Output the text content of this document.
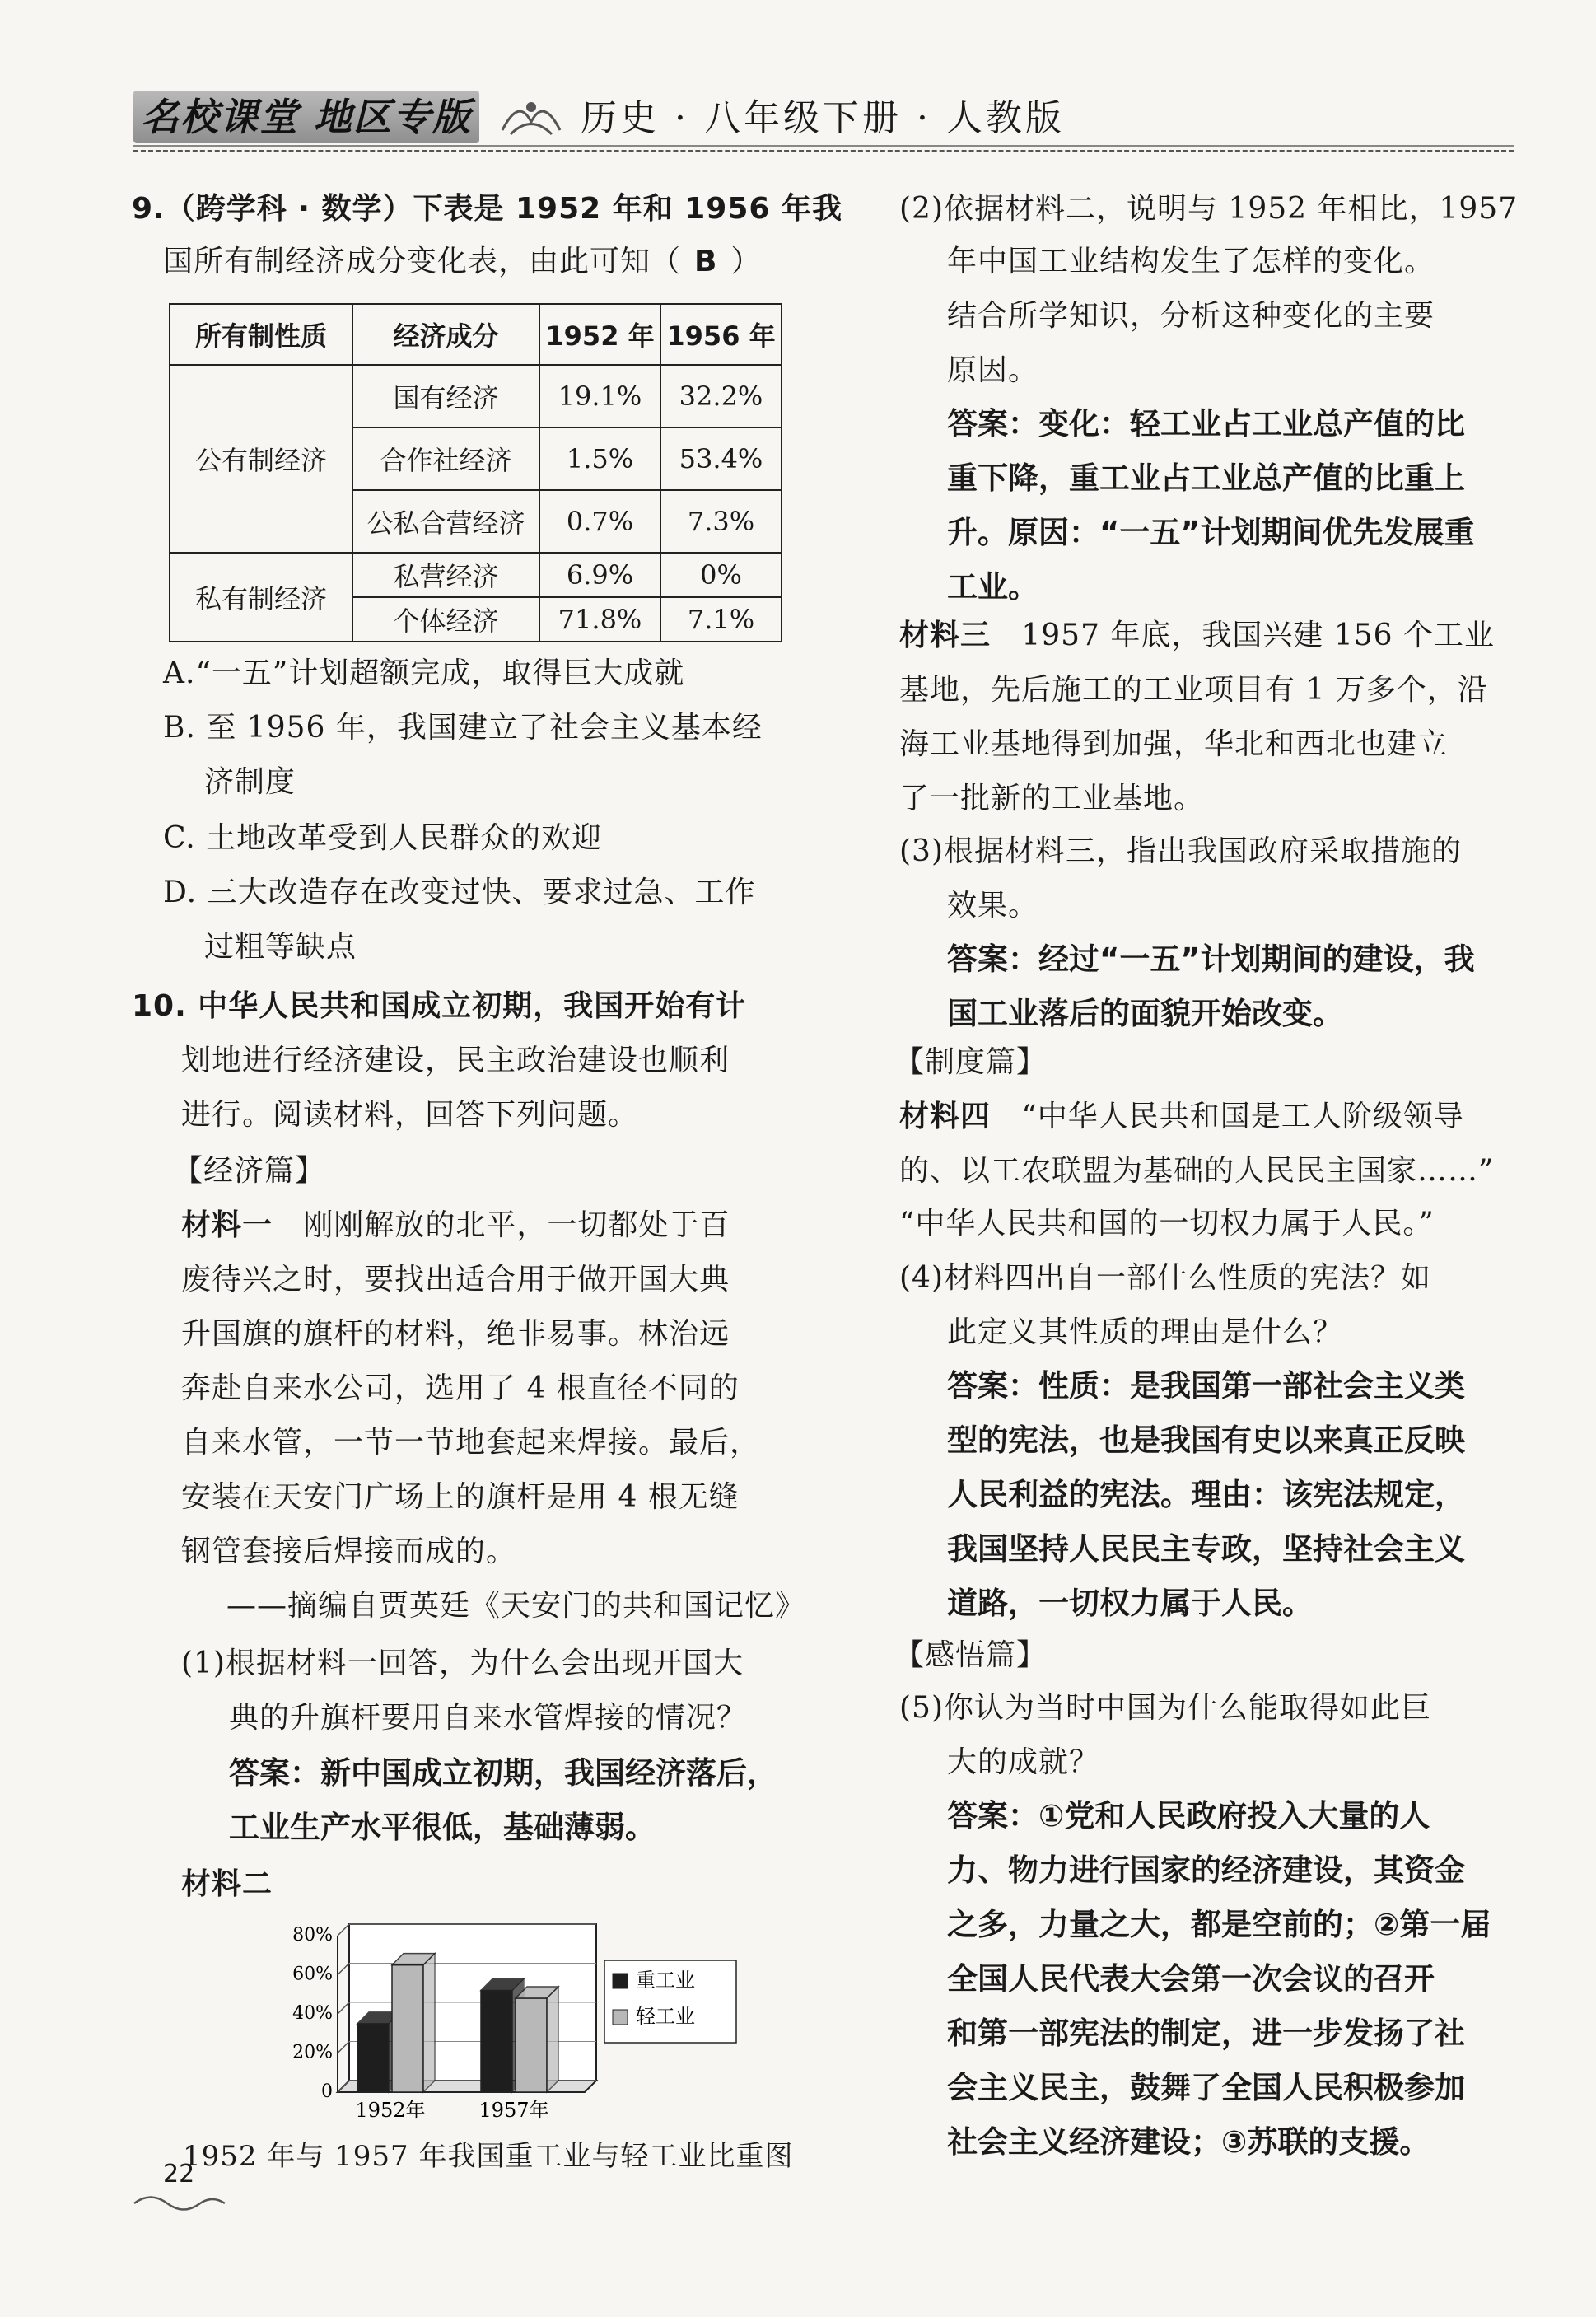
名校课堂 地区专版	历史 · 八年级下册 · 人教版
9.（跨学科 · 数学）下表是 1952 年和 1956 年我
国所有制经济成分变化表，由此可知（ B ）
所有制性质	经济成分	1952 年	1956 年
公有制经济	国有经济	19.1%	32.2%
	合作社经济	1.5%	53.4%
	公私合营经济	0.7%	7.3%
私有制经济	私营经济	6.9%	0%
	个体经济	71.8%	7.1%
A.“一五”计划超额完成，取得巨大成就
B. 至 1956 年，我国建立了社会主义基本经
济制度
C. 土地改革受到人民群众的欢迎
D. 三大改造存在改变过快、要求过急、工作
过粗等缺点
10. 中华人民共和国成立初期，我国开始有计
划地进行经济建设，民主政治建设也顺利
进行。阅读材料，回答下列问题。
【经济篇】
材料一 刚刚解放的北平，一切都处于百
废待兴之时，要找出适合用于做开国大典
升国旗的旗杆的材料，绝非易事。林治远
奔赴自来水公司，选用了 4 根直径不同的
自来水管，一节一节地套起来焊接。最后，
安装在天安门广场上的旗杆是用 4 根无缝
钢管套接后焊接而成的。
——摘编自贾英廷《天安门的共和国记忆》
(1)根据材料一回答，为什么会出现开国大
典的升旗杆要用自来水管焊接的情况？
答案：新中国成立初期，我国经济落后，
工业生产水平很低，基础薄弱。
材料二
0
20%
40%
60%
80%
1952年	1957年
重工业
轻工业
1952 年与 1957 年我国重工业与轻工业比重图
22
(2)依据材料二，说明与 1952 年相比，1957
年中国工业结构发生了怎样的变化。
结合所学知识，分析这种变化的主要
原因。
答案：变化：轻工业占工业总产值的比
重下降，重工业占工业总产值的比重上
升。原因：“一五”计划期间优先发展重
工业。
材料三 1957 年底，我国兴建 156 个工业
基地，先后施工的工业项目有 1 万多个，沿
海工业基地得到加强，华北和西北也建立
了一批新的工业基地。
(3)根据材料三，指出我国政府采取措施的
效果。
答案：经过“一五”计划期间的建设，我
国工业落后的面貌开始改变。
【制度篇】
材料四 “中华人民共和国是工人阶级领导
的、以工农联盟为基础的人民民主国家……”
“中华人民共和国的一切权力属于人民。”
(4)材料四出自一部什么性质的宪法？如
此定义其性质的理由是什么？
答案：性质：是我国第一部社会主义类
型的宪法，也是我国有史以来真正反映
人民利益的宪法。理由：该宪法规定，
我国坚持人民民主专政，坚持社会主义
道路，一切权力属于人民。
【感悟篇】
(5)你认为当时中国为什么能取得如此巨
大的成就？
答案：①党和人民政府投入大量的人
力、物力进行国家的经济建设，其资金
之多，力量之大，都是空前的；②第一届
全国人民代表大会第一次会议的召开
和第一部宪法的制定，进一步发扬了社
会主义民主，鼓舞了全国人民积极参加
社会主义经济建设；③苏联的支援。
